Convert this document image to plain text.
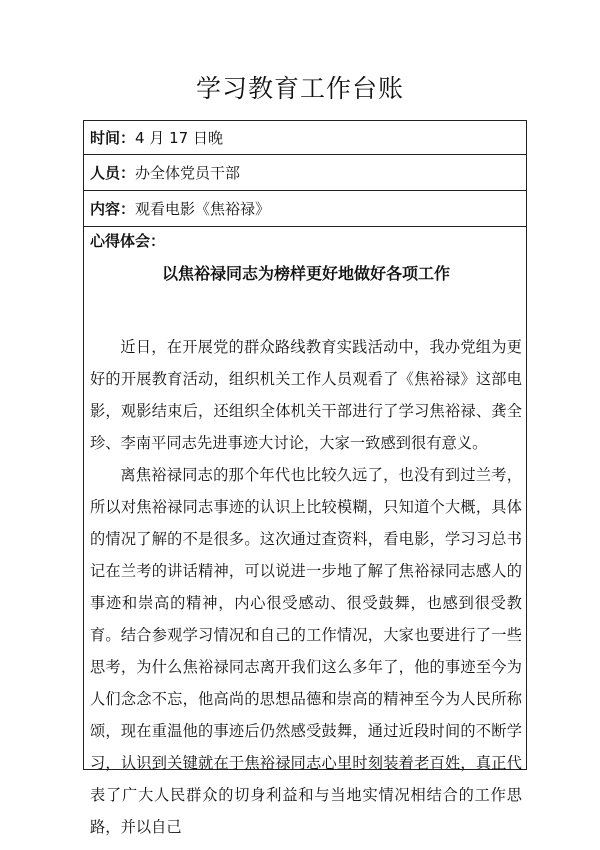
学习教育工作台账
时间： 4 月 17 日晚
人员： 办全体党员干部
内容： 观看电影《焦裕禄》
心得体会：
以焦裕禄同志为榜样更好地做好各项工作

近日，在开展党的群众路线教育实践活动中，我办党组为更好的开展教育活动，组织机关工作人员观看了《焦裕禄》这部电影，观影结束后，还组织全体机关干部进行了学习焦裕禄、龚全珍、李南平同志先进事迹大讨论，大家一致感到很有意义。

离焦裕禄同志的那个年代也比较久远了，也没有到过兰考，所以对焦裕禄同志事迹的认识上比较模糊，只知道个大概，具体的情况了解的不是很多。这次通过查资料，看电影，学习习总书记在兰考的讲话精神，可以说进一步地了解了焦裕禄同志感人的事迹和崇高的精神，内心很受感动、很受鼓舞，也感到很受教育。结合参观学习情况和自己的工作情况，大家也要进行了一些思考，为什么焦裕禄同志离开我们这么多年了，他的事迹至今为人们念念不忘，他高尚的思想品德和崇高的精神至今为人民所称颂，现在重温他的事迹后仍然感受鼓舞，通过近段时间的不断学习，认识到关键就在于焦裕禄同志心里时刻装着老百姓，真正代表了广大人民群众的切身利益和与当地实情况相结合的工作思路，并以自己
